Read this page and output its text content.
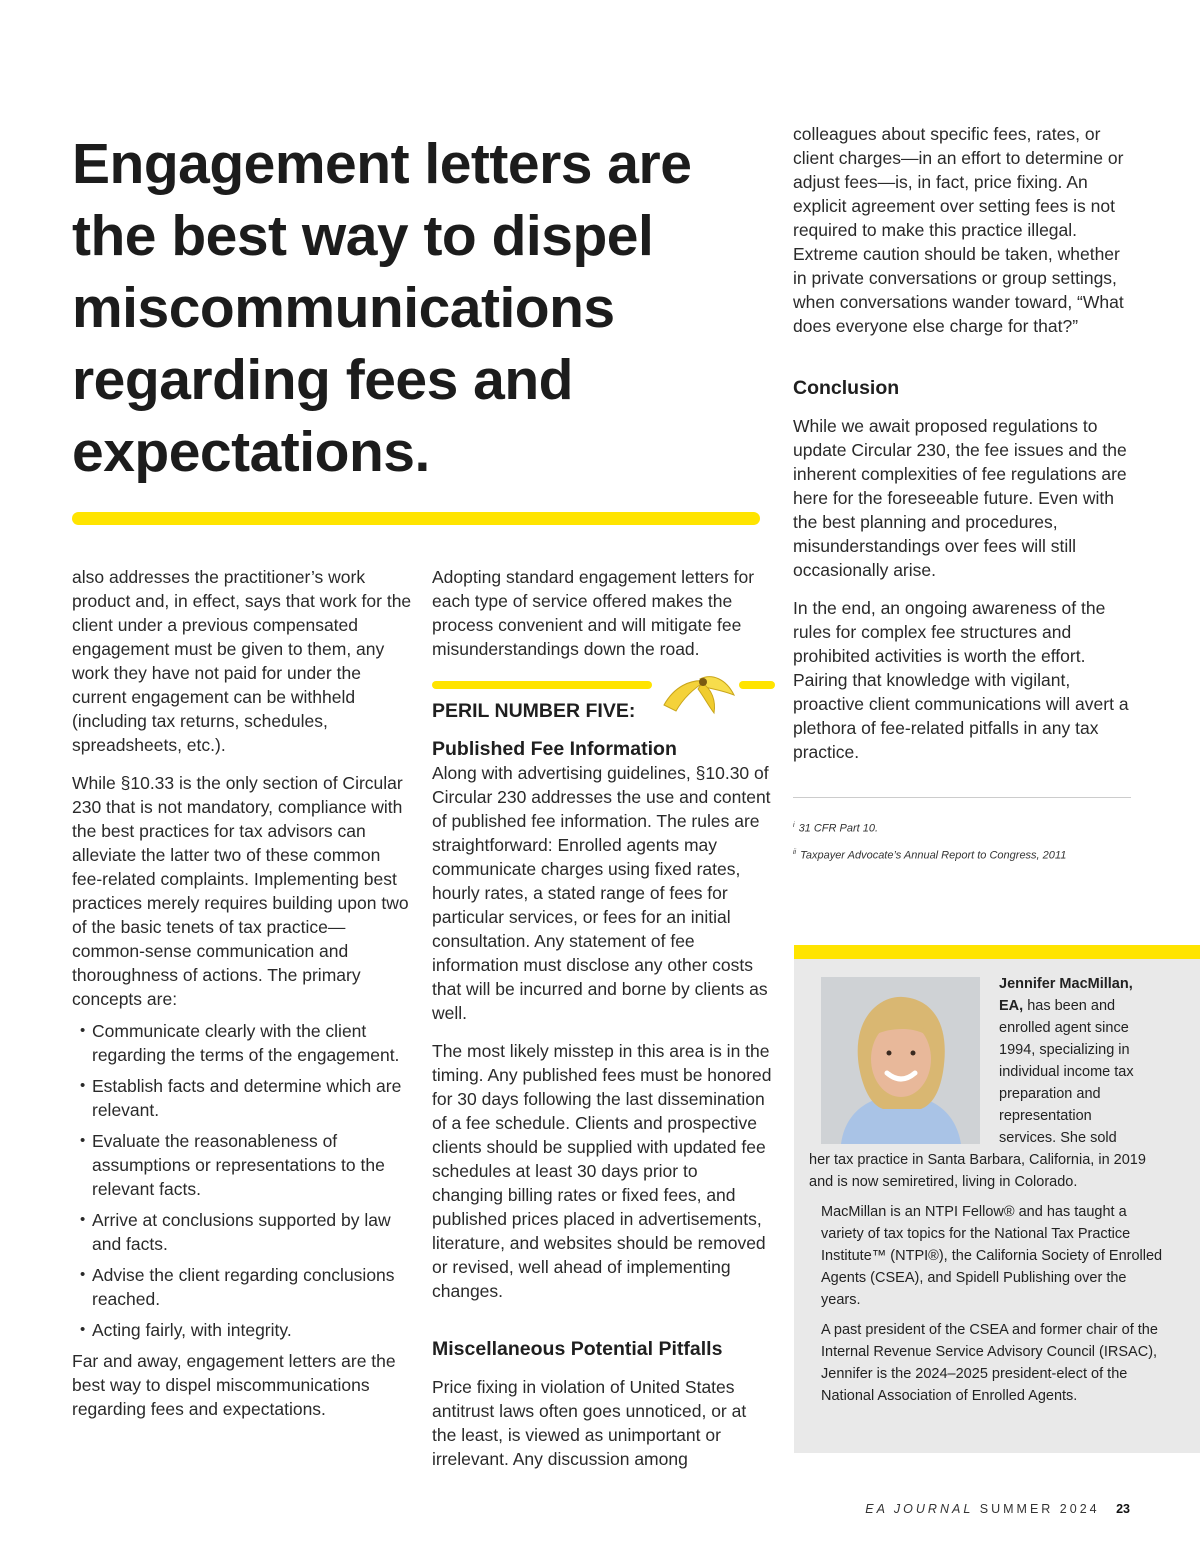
Engagement letters are the best way to dispel miscommunications regarding fees and expectations.

also addresses the practitioner’s work product and, in effect, says that work for the client under a previous compensated engagement must be given to them, any work they have not paid for under the current engagement can be withheld (including tax returns, schedules, spreadsheets, etc.).

While §10.33 is the only section of Circular 230 that is not mandatory, compliance with the best practices for tax advisors can alleviate the latter two of these common fee-related complaints. Implementing best practices merely requires building upon two of the basic tenets of tax practice—common-sense communication and thoroughness of actions. The primary concepts are:

• Communicate clearly with the client regarding the terms of the engagement.
• Establish facts and determine which are relevant.
• Evaluate the reasonableness of assumptions or representations to the relevant facts.
• Arrive at conclusions supported by law and facts.
• Advise the client regarding conclusions reached.
• Acting fairly, with integrity.

Far and away, engagement letters are the best way to dispel miscommunications regarding fees and expectations.

Adopting standard engagement letters for each type of service offered makes the process convenient and will mitigate fee misunderstandings down the road.

PERIL NUMBER FIVE:

Published Fee Information

Along with advertising guidelines, §10.30 of Circular 230 addresses the use and content of published fee information. The rules are straightforward: Enrolled agents may communicate charges using fixed rates, hourly rates, a stated range of fees for particular services, or fees for an initial consultation. Any statement of fee information must disclose any other costs that will be incurred and borne by clients as well.

The most likely misstep in this area is in the timing. Any published fees must be honored for 30 days following the last dissemination of a fee schedule. Clients and prospective clients should be supplied with updated fee schedules at least 30 days prior to changing billing rates or fixed fees, and published prices placed in advertisements, literature, and websites should be removed or revised, well ahead of implementing changes.

Miscellaneous Potential Pitfalls

Price fixing in violation of United States antitrust laws often goes unnoticed, or at the least, is viewed as unimportant or irrelevant. Any discussion among

colleagues about specific fees, rates, or client charges—in an effort to determine or adjust fees—is, in fact, price fixing. An explicit agreement over setting fees is not required to make this practice illegal. Extreme caution should be taken, whether in private conversations or group settings, when conversations wander toward, “What does everyone else charge for that?”

Conclusion

While we await proposed regulations to update Circular 230, the fee issues and the inherent complexities of fee regulations are here for the foreseeable future. Even with the best planning and procedures, misunderstandings over fees will still occasionally arise.

In the end, an ongoing awareness of the rules for complex fee structures and prohibited activities is worth the effort. Pairing that knowledge with vigilant, proactive client communications will avert a plethora of fee-related pitfalls in any tax practice.

$^i$ 31 CFR Part 10.
$^{ii}$ Taxpayer Advocate’s Annual Report to Congress, 2011
Jennifer MacMillan, EA, has been and enrolled agent since 1994, specializing in individual income tax preparation and representation services. She sold

her tax practice in Santa Barbara, California, in 2019 and is now semiretired, living in Colorado.

MacMillan is an NTPI Fellow® and has taught a variety of tax topics for the National Tax Practice Institute™ (NTPI®), the California Society of Enrolled Agents (CSEA), and Spidell Publishing over the years.

A past president of the CSEA and former chair of the Internal Revenue Service Advisory Council (IRSAC), Jennifer is the 2024–2025 president-elect of the National Association of Enrolled Agents.

EA JOURNAL SUMMER 2024 23
